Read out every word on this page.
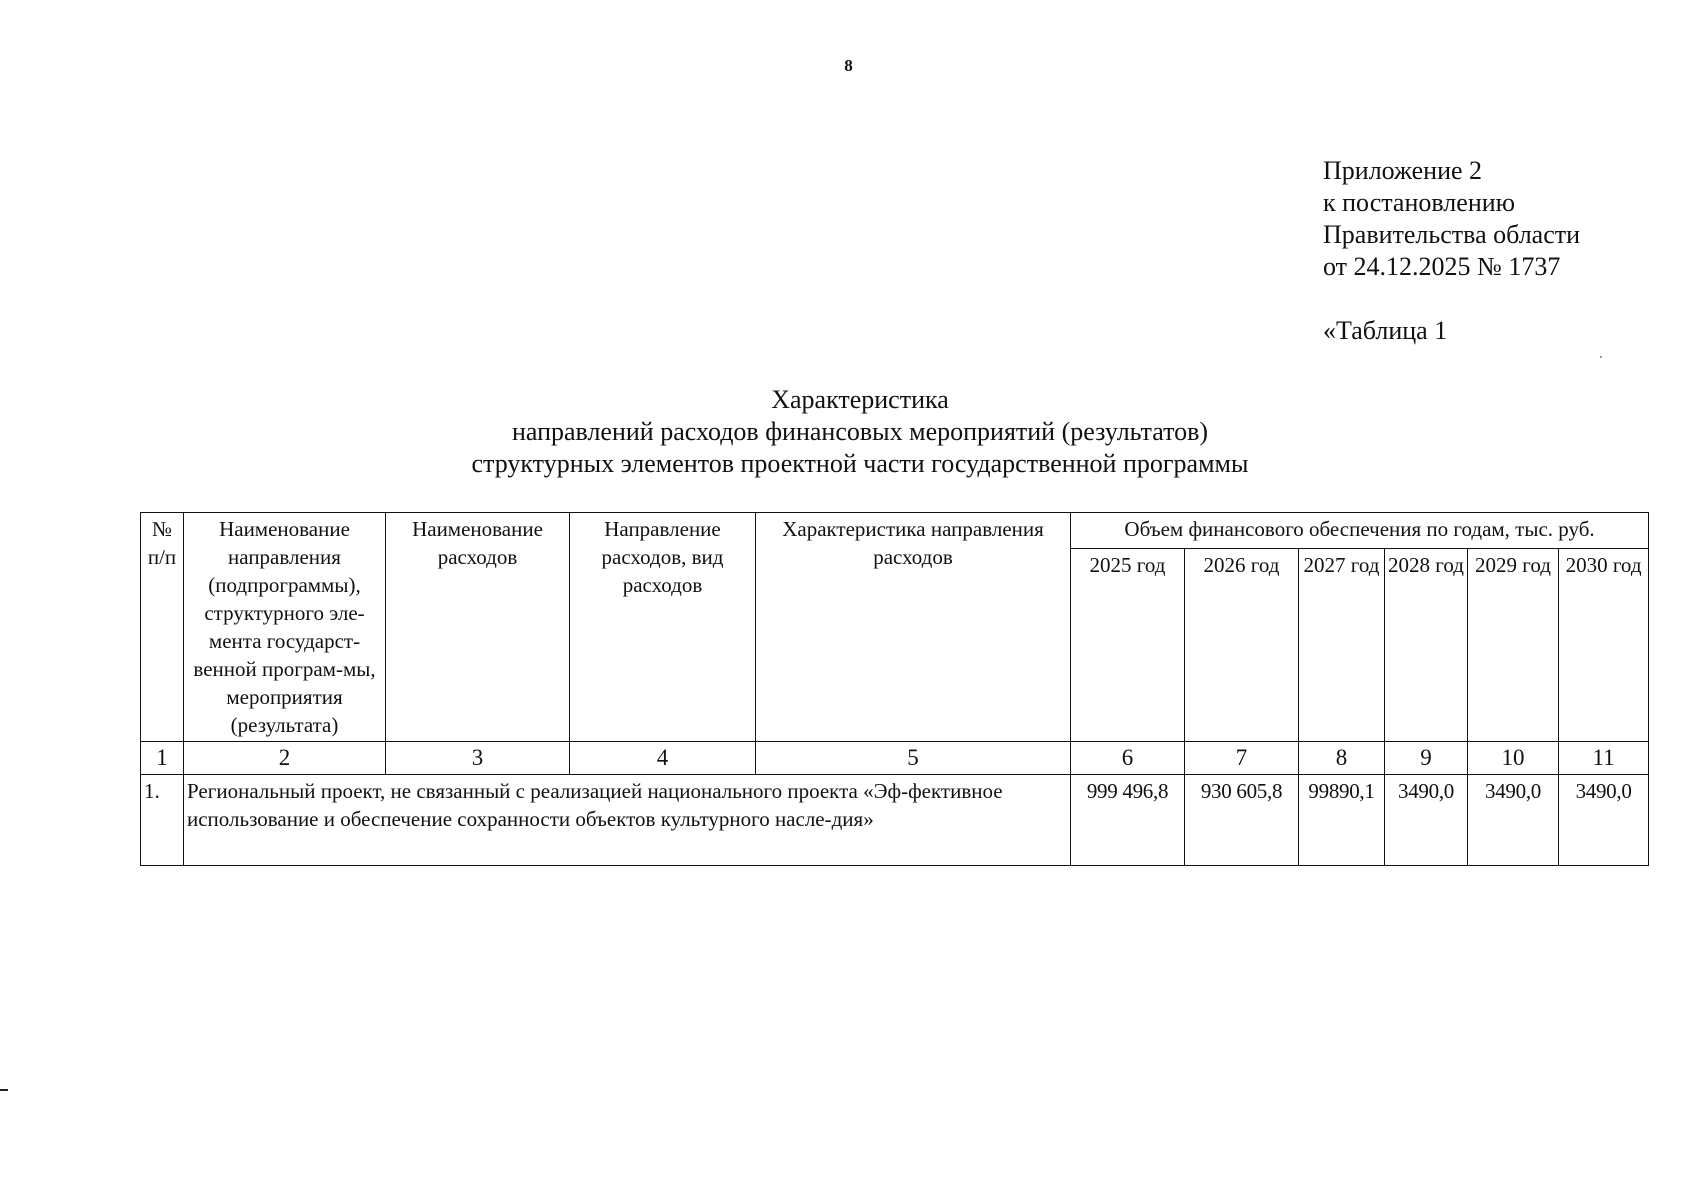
8
Приложение 2
к постановлению
Правительства области
от 24.12.2025 № 1737
«Таблица 1
Характеристика
направлений расходов финансовых мероприятий (результатов)
структурных элементов проектной части государственной программы
№ п/п	Наименование направления (подпрограммы), структурного эле-мента государст-венной програм-мы, мероприятия (результата)	Наименование расходов	Направление расходов, вид расходов	Характеристика направления расходов	Объем финансового обеспечения по годам, тыс. руб.					
					2025 год	2026 год	2027 год	2028 год	2029 год	2030 год
1	2	3	4	5	6	7	8	9	10	11
1.	Региональный проект, не связанный с реализацией национального проекта «Эф-фективное использование и обеспечение сохранности объектов культурного насле-дия»				999 496,8	930 605,8	99890,1	3490,0	3490,0	3490,0
